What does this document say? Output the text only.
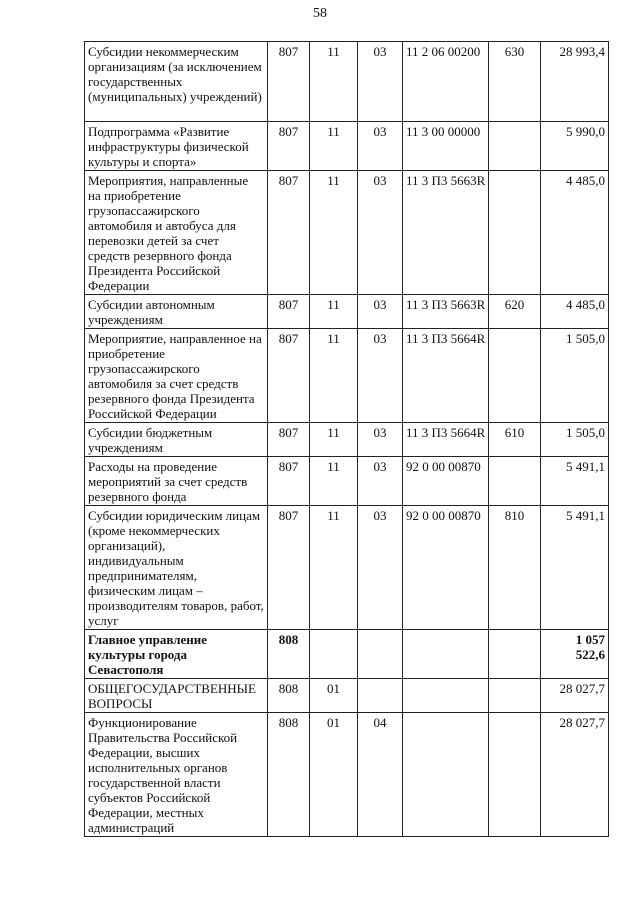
58
Субсидии некоммерческим организациям (за исключением государственных (муниципальных) учреждений)	807	11	03	11 2 06 00200	630	28 993,4
Подпрограмма «Развитие инфраструктуры физической культуры и спорта»	807	11	03	11 3 00 00000		5 990,0
Мероприятия, направленные на приобретение грузопассажирского автомобиля и автобуса для перевозки детей за счет средств резервного фонда Президента Российской Федерации	807	11	03	11 3 П3 5663R		4 485,0
Субсидии автономным учреждениям	807	11	03	11 3 П3 5663R	620	4 485,0
Мероприятие, направленное на приобретение грузопассажирского автомобиля за счет средств резервного фонда Президента Российской Федерации	807	11	03	11 3 П3 5664R		1 505,0
Субсидии бюджетным учреждениям	807	11	03	11 3 П3 5664R	610	1 505,0
Расходы на проведение мероприятий за счет средств резервного фонда	807	11	03	92 0 00 00870		5 491,1
Субсидии юридическим лицам (кроме некоммерческих организаций), индивидуальным предпринимателям, физическим лицам – производителям товаров, работ, услуг	807	11	03	92 0 00 00870	810	5 491,1
Главное управление культуры города Севастополя	808					1 057 522,6
ОБЩЕГОСУДАРСТВЕННЫЕ ВОПРОСЫ	808	01				28 027,7
Функционирование Правительства Российской Федерации, высших исполнительных органов государственной власти субъектов Российской Федерации, местных администраций	808	01	04			28 027,7
